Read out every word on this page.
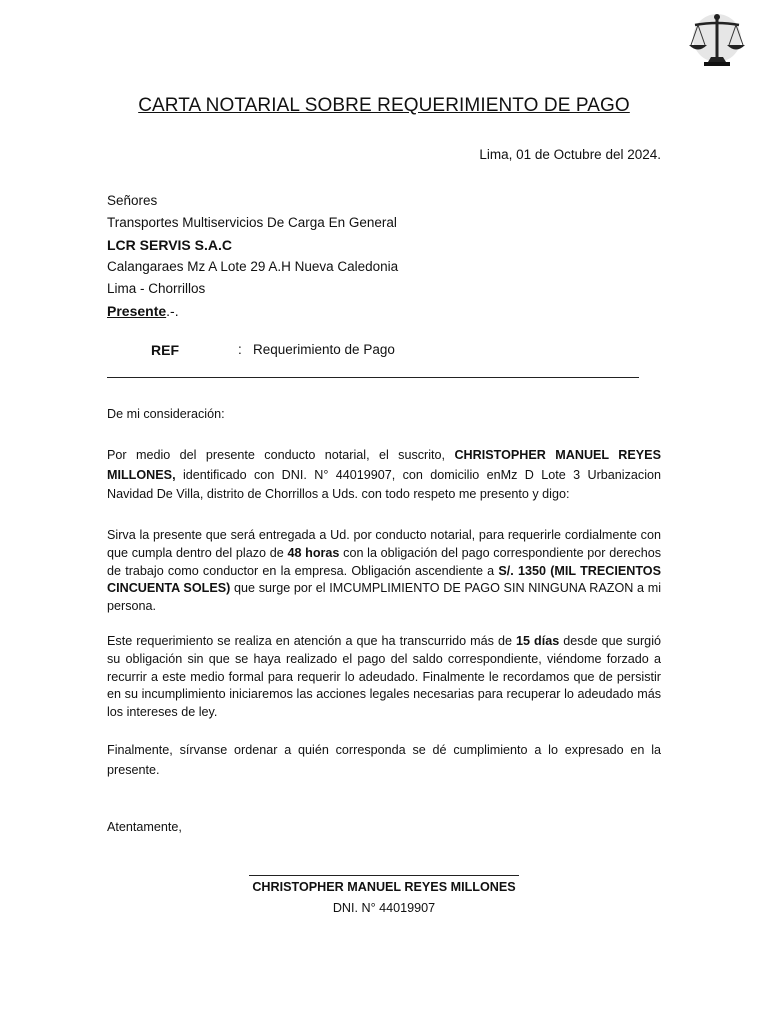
CARTA NOTARIAL SOBRE REQUERIMIENTO DE PAGO
Lima, 01 de Octubre del 2024.
Señores
Transportes Multiservicios De Carga En General
LCR SERVIS S.A.C
Calangaraes Mz A Lote 29 A.H Nueva Caledonia
Lima - Chorrillos
Presente.-.
REF	: Requerimiento de Pago

De mi consideración:

Por medio del presente conducto notarial, el suscrito, CHRISTOPHER MANUEL REYES MILLONES, identificado con DNI. N° 44019907, con domicilio enMz D Lote 3 Urbanizacion Navidad De Villa, distrito de Chorrillos a Uds. con todo respeto me presento y digo:

Sirva la presente que será entregada a Ud. por conducto notarial, para requerirle cordialmente con que cumpla dentro del plazo de 48 horas con la obligación del pago correspondiente por derechos de trabajo como conductor en la empresa. Obligación ascendiente a S/. 1350 (MIL TRECIENTOS CINCUENTA SOLES) que surge por el IMCUMPLIMIENTO DE PAGO SIN NINGUNA RAZON a mi persona.

Este requerimiento se realiza en atención a que ha transcurrido más de 15 días desde que surgió su obligación sin que se haya realizado el pago del saldo correspondiente, viéndome forzado a recurrir a este medio formal para requerir lo adeudado. Finalmente le recordamos que de persistir en su incumplimiento iniciaremos las acciones legales necesarias para recuperar lo adeudado más los intereses de ley.

Finalmente, sírvanse ordenar a quién corresponda se dé cumplimiento a lo expresado en la presente.

Atentamente,
CHRISTOPHER MANUEL REYES MILLONES
DNI. N° 44019907
